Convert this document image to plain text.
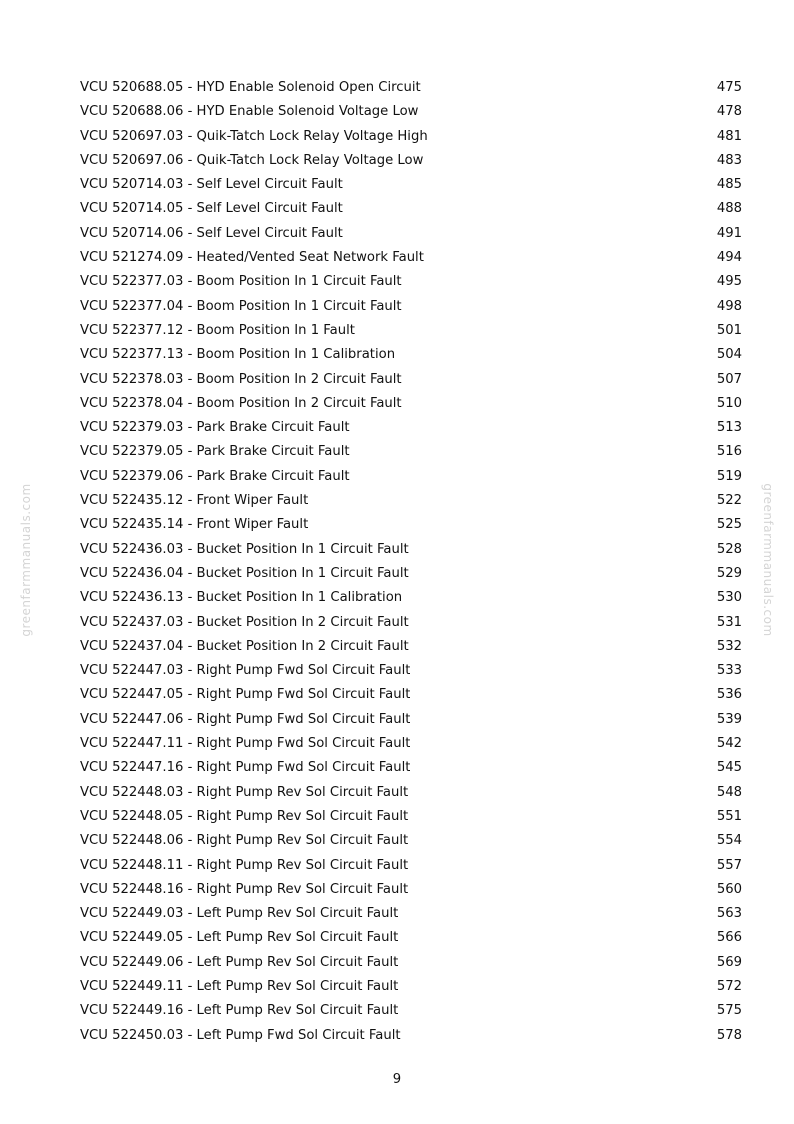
greenfarmmanuals.com	greenfarmmanuals.com
VCU 520688.05 - HYD Enable Solenoid Open Circuit	475
VCU 520688.06 - HYD Enable Solenoid Voltage Low	478
VCU 520697.03 - Quik-Tatch Lock Relay Voltage High	481
VCU 520697.06 - Quik-Tatch Lock Relay Voltage Low	483
VCU 520714.03 - Self Level Circuit Fault	485
VCU 520714.05 - Self Level Circuit Fault	488
VCU 520714.06 - Self Level Circuit Fault	491
VCU 521274.09 - Heated/Vented Seat Network Fault	494
VCU 522377.03 - Boom Position In 1 Circuit Fault	495
VCU 522377.04 - Boom Position In 1 Circuit Fault	498
VCU 522377.12 - Boom Position In 1 Fault	501
VCU 522377.13 - Boom Position In 1 Calibration	504
VCU 522378.03 - Boom Position In 2 Circuit Fault	507
VCU 522378.04 - Boom Position In 2 Circuit Fault	510
VCU 522379.03 - Park Brake Circuit Fault	513
VCU 522379.05 - Park Brake Circuit Fault	516
VCU 522379.06 - Park Brake Circuit Fault	519
VCU 522435.12 - Front Wiper Fault	522
VCU 522435.14 - Front Wiper Fault	525
VCU 522436.03 - Bucket Position In 1 Circuit Fault	528
VCU 522436.04 - Bucket Position In 1 Circuit Fault	529
VCU 522436.13 - Bucket Position In 1 Calibration	530
VCU 522437.03 - Bucket Position In 2 Circuit Fault	531
VCU 522437.04 - Bucket Position In 2 Circuit Fault	532
VCU 522447.03 - Right Pump Fwd Sol Circuit Fault	533
VCU 522447.05 - Right Pump Fwd Sol Circuit Fault	536
VCU 522447.06 - Right Pump Fwd Sol Circuit Fault	539
VCU 522447.11 - Right Pump Fwd Sol Circuit Fault	542
VCU 522447.16 - Right Pump Fwd Sol Circuit Fault	545
VCU 522448.03 - Right Pump Rev Sol Circuit Fault	548
VCU 522448.05 - Right Pump Rev Sol Circuit Fault	551
VCU 522448.06 - Right Pump Rev Sol Circuit Fault	554
VCU 522448.11 - Right Pump Rev Sol Circuit Fault	557
VCU 522448.16 - Right Pump Rev Sol Circuit Fault	560
VCU 522449.03 - Left Pump Rev Sol Circuit Fault	563
VCU 522449.05 - Left Pump Rev Sol Circuit Fault	566
VCU 522449.06 - Left Pump Rev Sol Circuit Fault	569
VCU 522449.11 - Left Pump Rev Sol Circuit Fault	572
VCU 522449.16 - Left Pump Rev Sol Circuit Fault	575
VCU 522450.03 - Left Pump Fwd Sol Circuit Fault	578
9
